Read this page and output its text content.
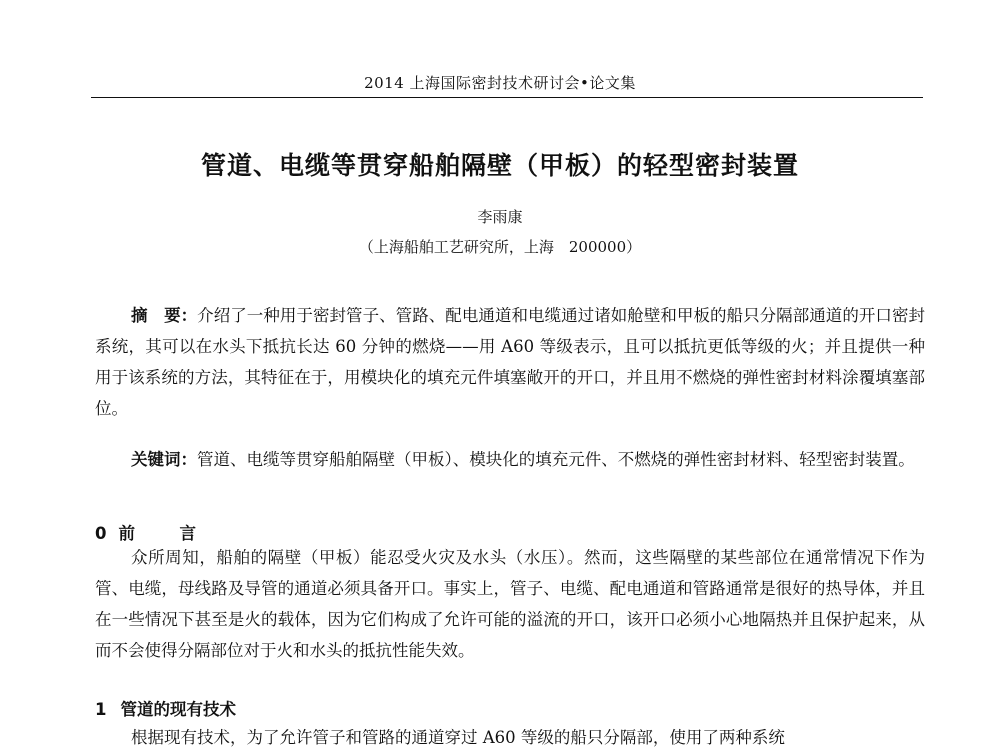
2014 上海国际密封技术研讨会•论文集
管道、电缆等贯穿船舶隔壁（甲板）的轻型密封装置
李雨康
（上海船舶工艺研究所，上海　200000）

摘　要：介绍了一种用于密封管子、管路、配电通道和电缆通过诸如舱壁和甲板的船只分隔部通道的开口密封系统，其可以在水头下抵抗长达 60 分钟的燃烧——用 A60 等级表示，且可以抵抗更低等级的火；并且提供一种用于该系统的方法，其特征在于，用模块化的填充元件填塞敞开的开口，并且用不燃烧的弹性密封材料涂覆填塞部位。

关键词：管道、电缆等贯穿船舶隔壁（甲板）、模块化的填充元件、不燃烧的弹性密封材料、轻型密封装置。

0 前　言

众所周知，船舶的隔壁（甲板）能忍受火灾及水头（水压）。然而，这些隔壁的某些部位在通常情况下作为管、电缆，母线路及导管的通道必须具备开口。事实上，管子、电缆、配电通道和管路通常是很好的热导体，并且在一些情况下甚至是火的载体，因为它们构成了允许可能的溢流的开口，该开口必须小心地隔热并且保护起来，从而不会使得分隔部位对于火和水头的抵抗性能失效。

1 管道的现有技术

根据现有技术，为了允许管子和管路的通道穿过 A60 等级的船只分隔部，使用了两种系统
